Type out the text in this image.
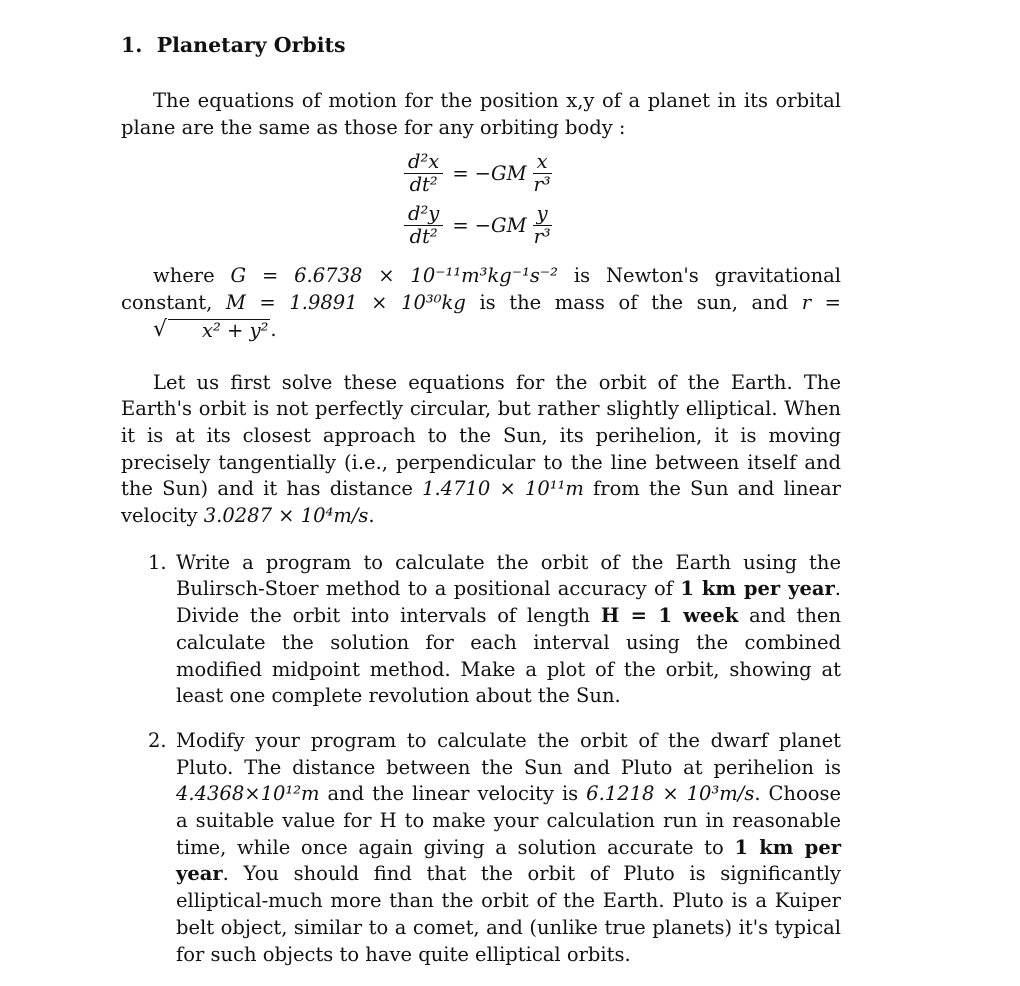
1. Planetary Orbits

The equations of motion for the position x,y of a planet in its orbital plane are the same as those for any orbiting body :

$\frac{\text{d²x}}{\text{dt²}} = -GM \frac{x}{\text{r³}}$
$\frac{\text{d²y}}{\text{dt²}} = -GM \frac{y}{\text{r³}}$

where G = 6.6738 × 10⁻¹¹m³kg⁻¹s⁻² is Newton's gravitational constant, M = 1.9891 × 10³⁰kg is the mass of the sun, and r =
√	x² + y² .

Let us first solve these equations for the orbit of the Earth. The Earth's orbit is not perfectly circular, but rather slightly elliptical. When it is at its closest approach to the Sun, its perihelion, it is moving precisely tangentially (i.e., perpendicular to the line between itself and the Sun) and it has distance 1.4710 × 10¹¹m from the Sun and linear velocity 3.0287 × 10⁴m/s.

1. Write a program to calculate the orbit of the Earth using the Bulirsch-Stoer method to a positional accuracy of 1 km per year. Divide the orbit into intervals of length H = 1 week and then calculate the solution for each interval using the combined modified midpoint method. Make a plot of the orbit, showing at least one complete revolution about the Sun.
2. Modify your program to calculate the orbit of the dwarf planet Pluto. The distance between the Sun and Pluto at perihelion is 4.4368×10¹²m and the linear velocity is 6.1218 × 10³m/s. Choose a suitable value for H to make your calculation run in reasonable time, while once again giving a solution accurate to 1 km per year. You should find that the orbit of Pluto is significantly elliptical-much more than the orbit of the Earth. Pluto is a Kuiper belt object, similar to a comet, and (unlike true planets) it's typical for such objects to have quite elliptical orbits.
